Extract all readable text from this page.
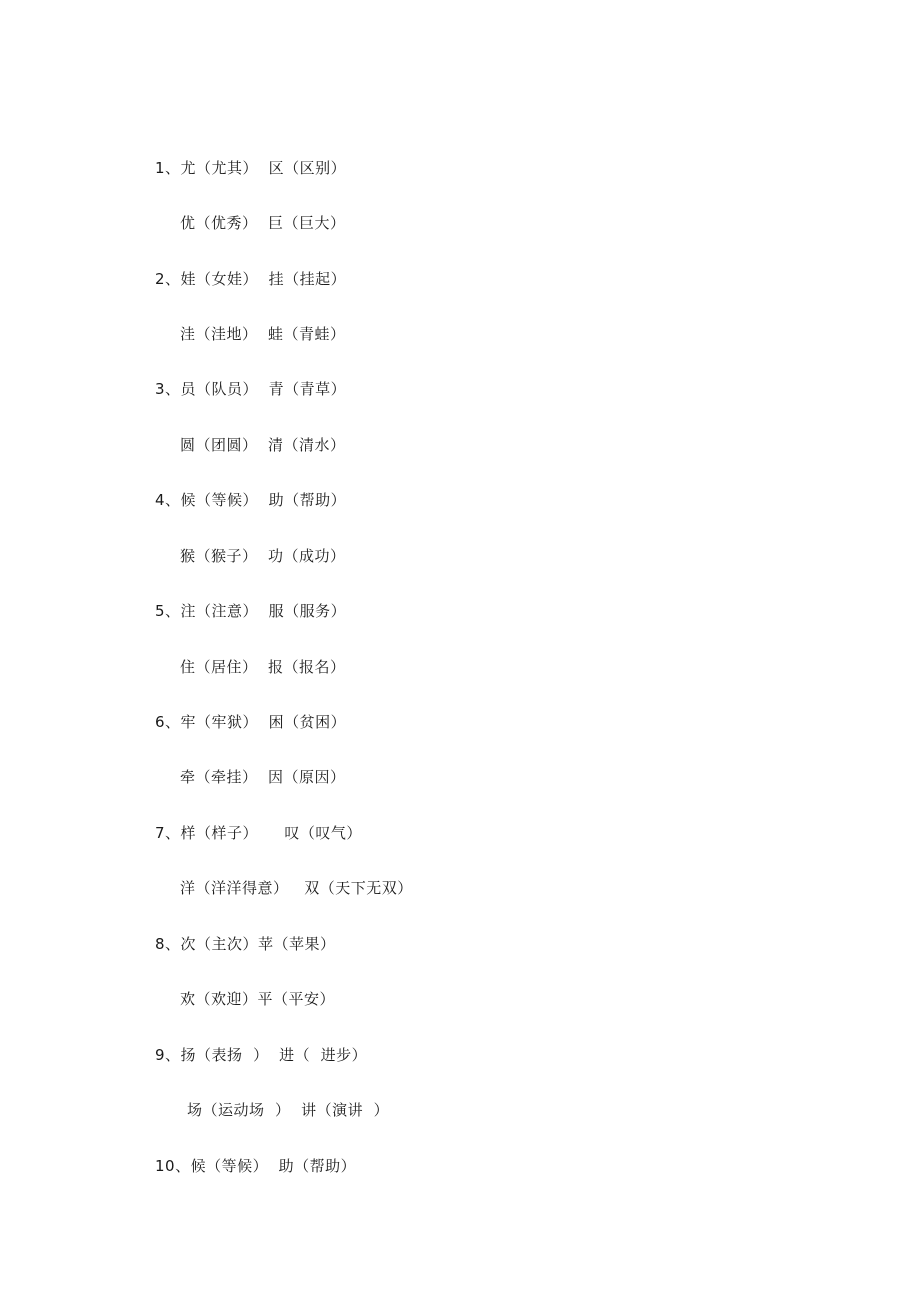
1、尤（尤其）  区（区别）
优（优秀）  巨（巨大）
2、娃（女娃）  挂（挂起）
洼（洼地）  蛙（青蛙）
3、员（队员）  青（青草）
圆（团圆）  清（清水）
4、候（等候）  助（帮助）
猴（猴子）  功（成功）
5、注（注意）  服（服务）
住（居住）  报（报名）
6、牢（牢狱）  困（贫困）
牵（牵挂）  因（原因）
7、样（样子）     叹（叹气）
洋（洋洋得意）   双（天下无双）
8、次（主次）苹（苹果）
欢（欢迎）平（平安）
9、扬（表扬  ）  进（  进步）
场（运动场  ）  讲（演讲  ）
10、候（等候）  助（帮助）
